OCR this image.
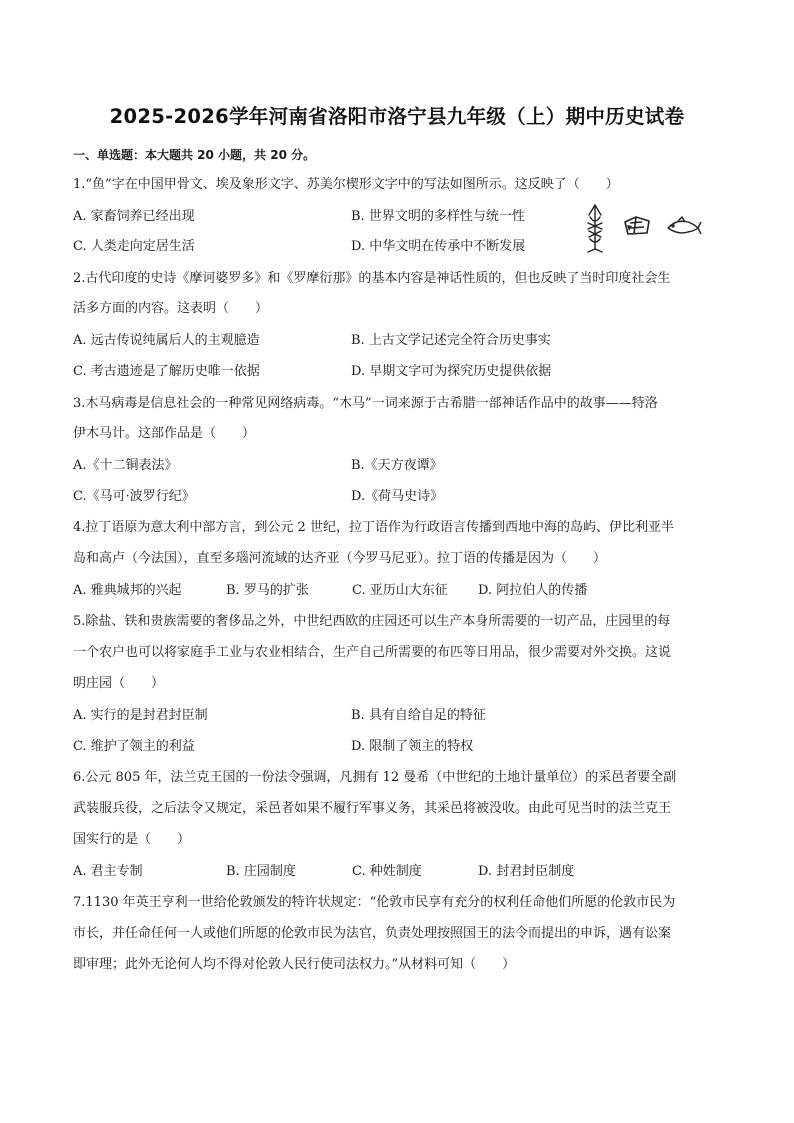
2025-2026学年河南省洛阳市洛宁县九年级（上）期中历史试卷
一、单选题：本大题共 20 小题，共 20 分。
1.“鱼”字在中国甲骨文、埃及象形文字、苏美尔楔形文字中的写法如图所示。这反映了（　　）
A. 家畜饲养已经出现	B. 世界文明的多样性与统一性
C. 人类走向定居生活	D. 中华文明在传承中不断发展
2.古代印度的史诗《摩诃婆罗多》和《罗摩衍那》的基本内容是神话性质的，但也反映了当时印度社会生
活多方面的内容。这表明（　　）
A. 远古传说纯属后人的主观臆造	B. 上古文学记述完全符合历史事实
C. 考古遗迹是了解历史唯一依据	D. 早期文字可为探究历史提供依据
3.木马病毒是信息社会的一种常见网络病毒。“木马”一词来源于古希腊一部神话作品中的故事——特洛
伊木马计。这部作品是（　　）
A.《十二铜表法》	B.《天方夜谭》
C.《马可·波罗行纪》	D.《荷马史诗》
4.拉丁语原为意大利中部方言，到公元 2 世纪，拉丁语作为行政语言传播到西地中海的岛屿、伊比利亚半
岛和高卢（今法国），直至多瑙河流域的达齐亚（今罗马尼亚）。拉丁语的传播是因为（　　）
A. 雅典城邦的兴起	B. 罗马的扩张	C. 亚历山大东征 D. 阿拉伯人的传播
5.除盐、铁和贵族需要的奢侈品之外，中世纪西欧的庄园还可以生产本身所需要的一切产品，庄园里的每
一个农户也可以将家庭手工业与农业相结合，生产自己所需要的布匹等日用品，很少需要对外交换。这说
明庄园（　　）
A. 实行的是封君封臣制	B. 具有自给自足的特征
C. 维护了领主的利益	D. 限制了领主的特权
6.公元 805 年，法兰克王国的一份法令强调，凡拥有 12 曼希（中世纪的土地计量单位）的采邑者要全副
武装服兵役，之后法令又规定，采邑者如果不履行军事义务，其采邑将被没收。由此可见当时的法兰克王
国实行的是（　　）
A. 君主专制	B. 庄园制度	C. 种姓制度	D. 封君封臣制度
7.1130 年英王亨利一世给伦敦颁发的特许状规定：“伦敦市民享有充分的权利任命他们所愿的伦敦市民为
市长，并任命任何一人或他们所愿的伦敦市民为法官，负责处理按照国王的法令而提出的申诉，遇有讼案
即审理；此外无论何人均不得对伦敦人民行使司法权力。”从材料可知（　　）
